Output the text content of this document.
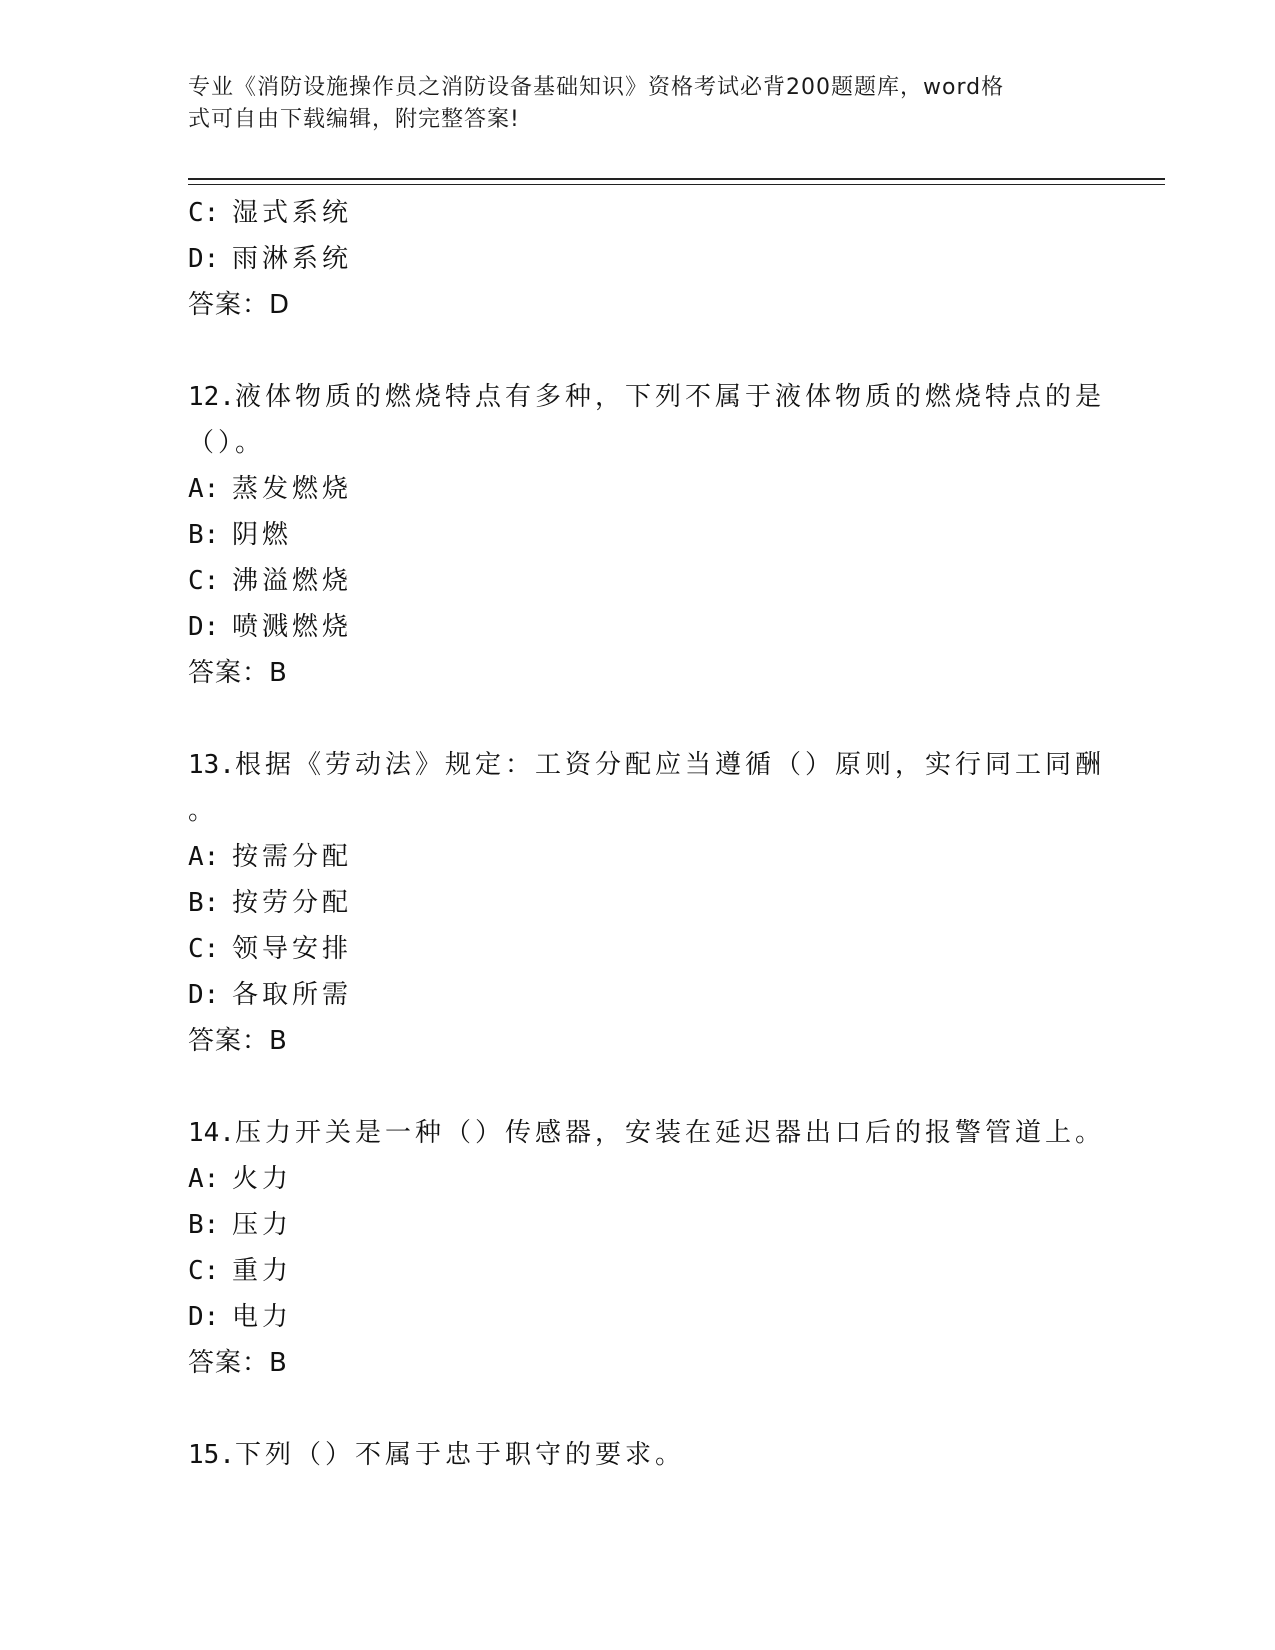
专业《消防设施操作员之消防设备基础知识》资格考试必背200题题库，word格
式可自由下载编辑，附完整答案!
C: 湿式系统
D: 雨淋系统
答案：D
12.液体物质的燃烧特点有多种，下列不属于液体物质的燃烧特点的是
（）。
A: 蒸发燃烧
B: 阴燃
C: 沸溢燃烧
D: 喷溅燃烧
答案：B
13.根据《劳动法》规定：工资分配应当遵循（）原则，实行同工同酬
。
A: 按需分配
B: 按劳分配
C: 领导安排
D: 各取所需
答案：B
14.压力开关是一种（）传感器，安装在延迟器出口后的报警管道上。
A: 火力
B: 压力
C: 重力
D: 电力
答案：B
15.下列（）不属于忠于职守的要求。
